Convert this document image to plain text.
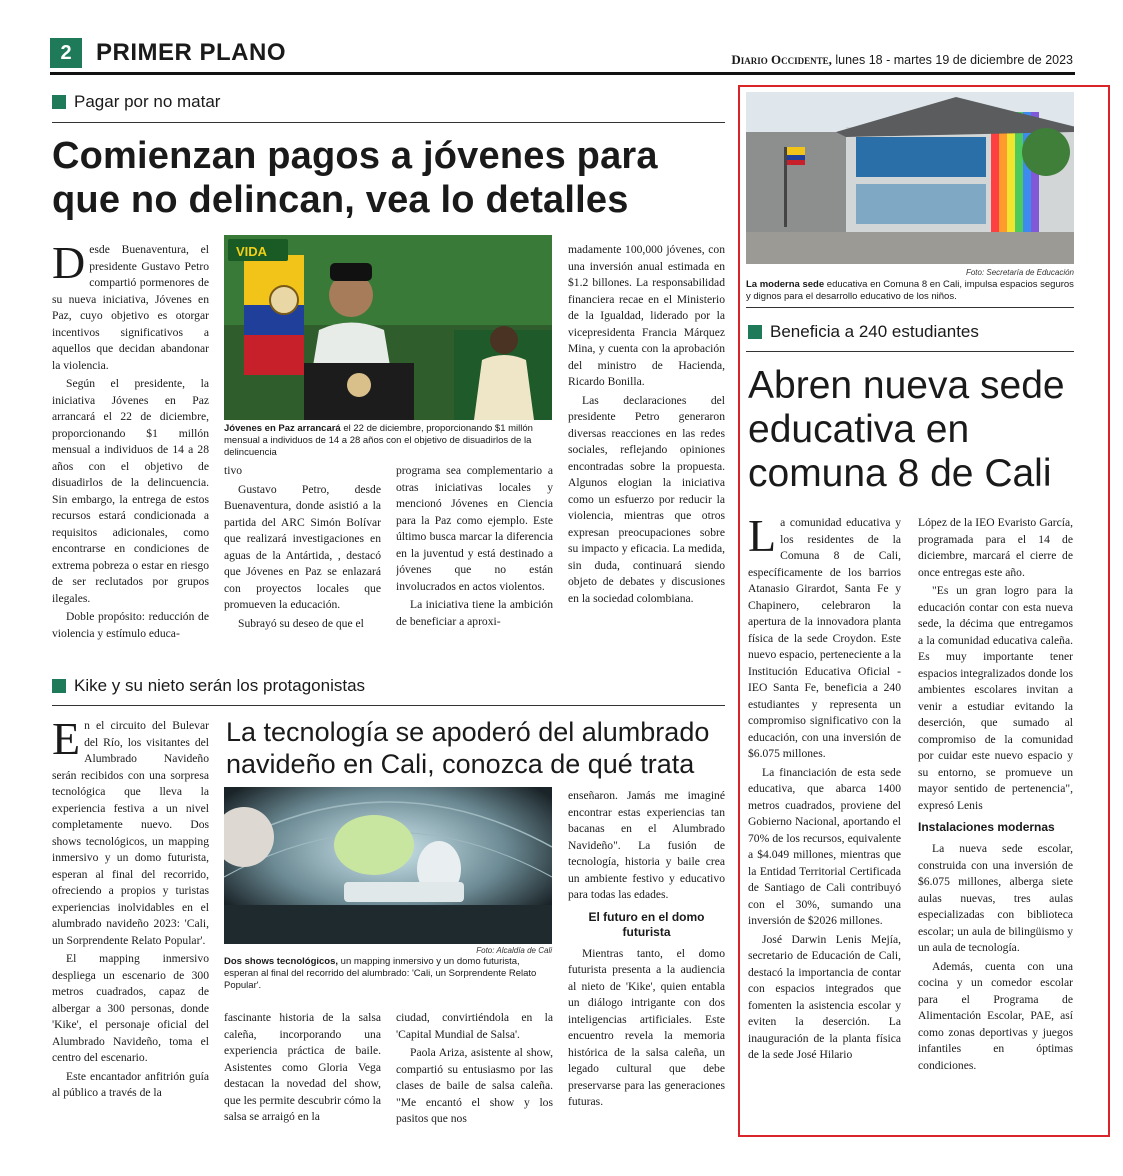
2	PRIMER PLANO	Diario Occidente, lunes 18 - martes 19 de diciembre de 2023
Pagar por no matar
Comienzan pagos a jóvenes para
que no delincan, vea lo detalles

Desde Buenaventura, el presidente Gustavo Petro compartió pormenores de su nueva iniciativa, Jóvenes en Paz, cuyo objetivo es otorgar incentivos significativos a aquellos que decidan abandonar la violencia.

Según el presidente, la iniciativa Jóvenes en Paz arrancará el 22 de diciembre, proporcionando $1 millón mensual a individuos de 14 a 28 años con el objetivo de disuadirlos de la delincuencia. Sin embargo, la entrega de estos recursos estará condicionada a requisitos adicionales, como encontrarse en condiciones de extrema pobreza o estar en riesgo de ser reclutados por grupos ilegales.

Doble propósito: reducción de violencia y estímulo educa-

VIDA
Jóvenes en Paz arrancará el 22 de diciembre, proporcionando $1 millón mensual a individuos de 14 a 28 años con el objetivo de disuadirlos de la delincuencia

tivo

Gustavo Petro, desde Buenaventura, donde asistió a la partida del ARC Simón Bolívar que realizará investigaciones en aguas de la Antártida, , destacó que Jóvenes en Paz se enlazará con proyectos locales que promueven la educación.

Subrayó su deseo de que el

programa sea complementario a otras iniciativas locales y mencionó Jóvenes en Ciencia para la Paz como ejemplo. Este último busca marcar la diferencia en la juventud y está destinado a jóvenes que no están involucrados en actos violentos.

La iniciativa tiene la ambición de beneficiar a aproxi-

madamente 100,000 jóvenes, con una inversión anual estimada en $1.2 billones. La responsabilidad financiera recae en el Ministerio de la Igualdad, liderado por la vicepresidenta Francia Márquez Mina, y cuenta con la aprobación del ministro de Hacienda, Ricardo Bonilla.

Las declaraciones del presidente Petro generaron diversas reacciones en las redes sociales, reflejando opiniones encontradas sobre la propuesta. Algunos elogian la iniciativa como un esfuerzo por reducir la violencia, mientras que otros expresan preocupaciones sobre su impacto y eficacia. La medida, sin duda, continuará siendo objeto de debates y discusiones en la sociedad colombiana.

Kike y su nieto serán los protagonistas

En el circuito del Bulevar del Río, los visitantes del Alumbrado Navideño serán recibidos con una sorpresa tecnológica que lleva la experiencia festiva a un nivel completamente nuevo. Dos shows tecnológicos, un mapping inmersivo y un domo futurista, esperan al final del recorrido, ofreciendo a propios y turistas experiencias inolvidables en el alumbrado navideño 2023: 'Cali, un Sorprendente Relato Popular'.

El mapping inmersivo despliega un escenario de 300 metros cuadrados, capaz de albergar a 300 personas, donde 'Kike', el personaje oficial del Alumbrado Navideño, toma el centro del escenario.

Este encantador anfitrión guía al público a través de la

La tecnología se apoderó del alumbrado
navideño en Cali, conozca de qué trata
Foto: Alcaldía de Cali
Dos shows tecnológicos, un mapping inmersivo y un domo futurista, esperan al final del recorrido del alumbrado: 'Cali, un Sorprendente Relato Popular'.

fascinante historia de la salsa caleña, incorporando una experiencia práctica de baile. Asistentes como Gloria Vega destacan la novedad del show, que les permite descubrir cómo la salsa se arraigó en la

ciudad, convirtiéndola en la 'Capital Mundial de Salsa'.

Paola Ariza, asistente al show, compartió su entusiasmo por las clases de baile de salsa caleña. "Me encantó el show y los pasitos que nos

enseñaron. Jamás me imaginé encontrar estas experiencias tan bacanas en el Alumbrado Navideño". La fusión de tecnología, historia y baile crea un ambiente festivo y educativo para todas las edades.

El futuro en el domo futurista

Mientras tanto, el domo futurista presenta a la audiencia al nieto de 'Kike', quien entabla un diálogo intrigante con dos inteligencias artificiales. Este encuentro revela la memoria histórica de la salsa caleña, un legado cultural que debe preservarse para las generaciones futuras.

Foto: Secretaría de Educación
La moderna sede educativa en Comuna 8 en Cali, impulsa espacios seguros y dignos para el desarrollo educativo de los niños.
Beneficia a 240 estudiantes
Abren nueva sede
educativa en
comuna 8 de Cali

La comunidad educativa y los residentes de la Comuna 8 de Cali, específicamente de los barrios Atanasio Girardot, Santa Fe y Chapinero, celebraron la apertura de la innovadora planta física de la sede Croydon. Este nuevo espacio, perteneciente a la Institución Educativa Oficial - IEO Santa Fe, beneficia a 240 estudiantes y representa un compromiso significativo con la educación, con una inversión de $6.075 millones.

La financiación de esta sede educativa, que abarca 1400 metros cuadrados, proviene del Gobierno Nacional, aportando el 70% de los recursos, equivalente a $4.049 millones, mientras que la Entidad Territorial Certificada de Santiago de Cali contribuyó con el 30%, sumando una inversión de $2026 millones.

José Darwin Lenis Mejía, secretario de Educación de Cali, destacó la importancia de contar con espacios integrados que fomenten la asistencia escolar y eviten la deserción. La inauguración de la planta física de la sede José Hilario

López de la IEO Evaristo García, programada para el 14 de diciembre, marcará el cierre de once entregas este año.

"Es un gran logro para la educación contar con esta nueva sede, la décima que entregamos a la comunidad educativa caleña. Es muy importante tener espacios integralizados donde los ambientes escolares invitan a venir a estudiar evitando la deserción, que sumado al compromiso de la comunidad por cuidar este nuevo espacio y su entorno, se promueve un mayor sentido de pertenencia", expresó Lenis

Instalaciones modernas

La nueva sede escolar, construida con una inversión de $6.075 millones, alberga siete aulas nuevas, tres aulas especializadas con biblioteca escolar; un aula de bilingüismo y un aula de tecnología.

Además, cuenta con una cocina y un comedor escolar para el Programa de Alimentación Escolar, PAE, así como zonas deportivas y juegos infantiles en óptimas condiciones.
